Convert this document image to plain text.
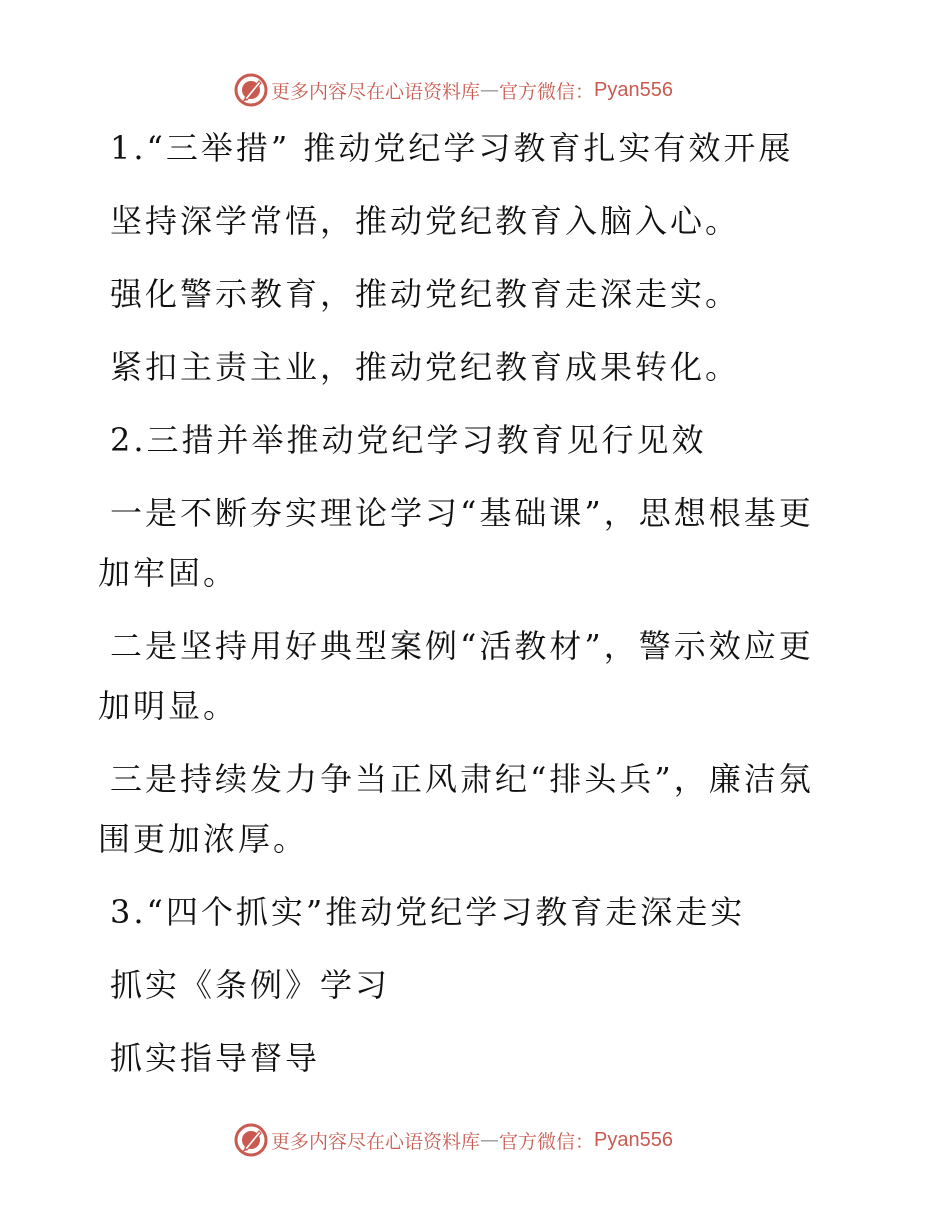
更多内容尽在心语资料库 — 官方微信： Pyan556

1.“三举措” 推动党纪学习教育扎实有效开展

坚持深学常悟，推动党纪教育入脑入心。

强化警示教育，推动党纪教育走深走实。

紧扣主责主业，推动党纪教育成果转化。

2.三措并举推动党纪学习教育见行见效

一是不断夯实理论学习“基础课”，思想根基更加牢固。

二是坚持用好典型案例“活教材”，警示效应更加明显。

三是持续发力争当正风肃纪“排头兵”，廉洁氛围更加浓厚。

3.“四个抓实”推动党纪学习教育走深走实

抓实《条例》学习

抓实指导督导

更多内容尽在心语资料库 — 官方微信： Pyan556
